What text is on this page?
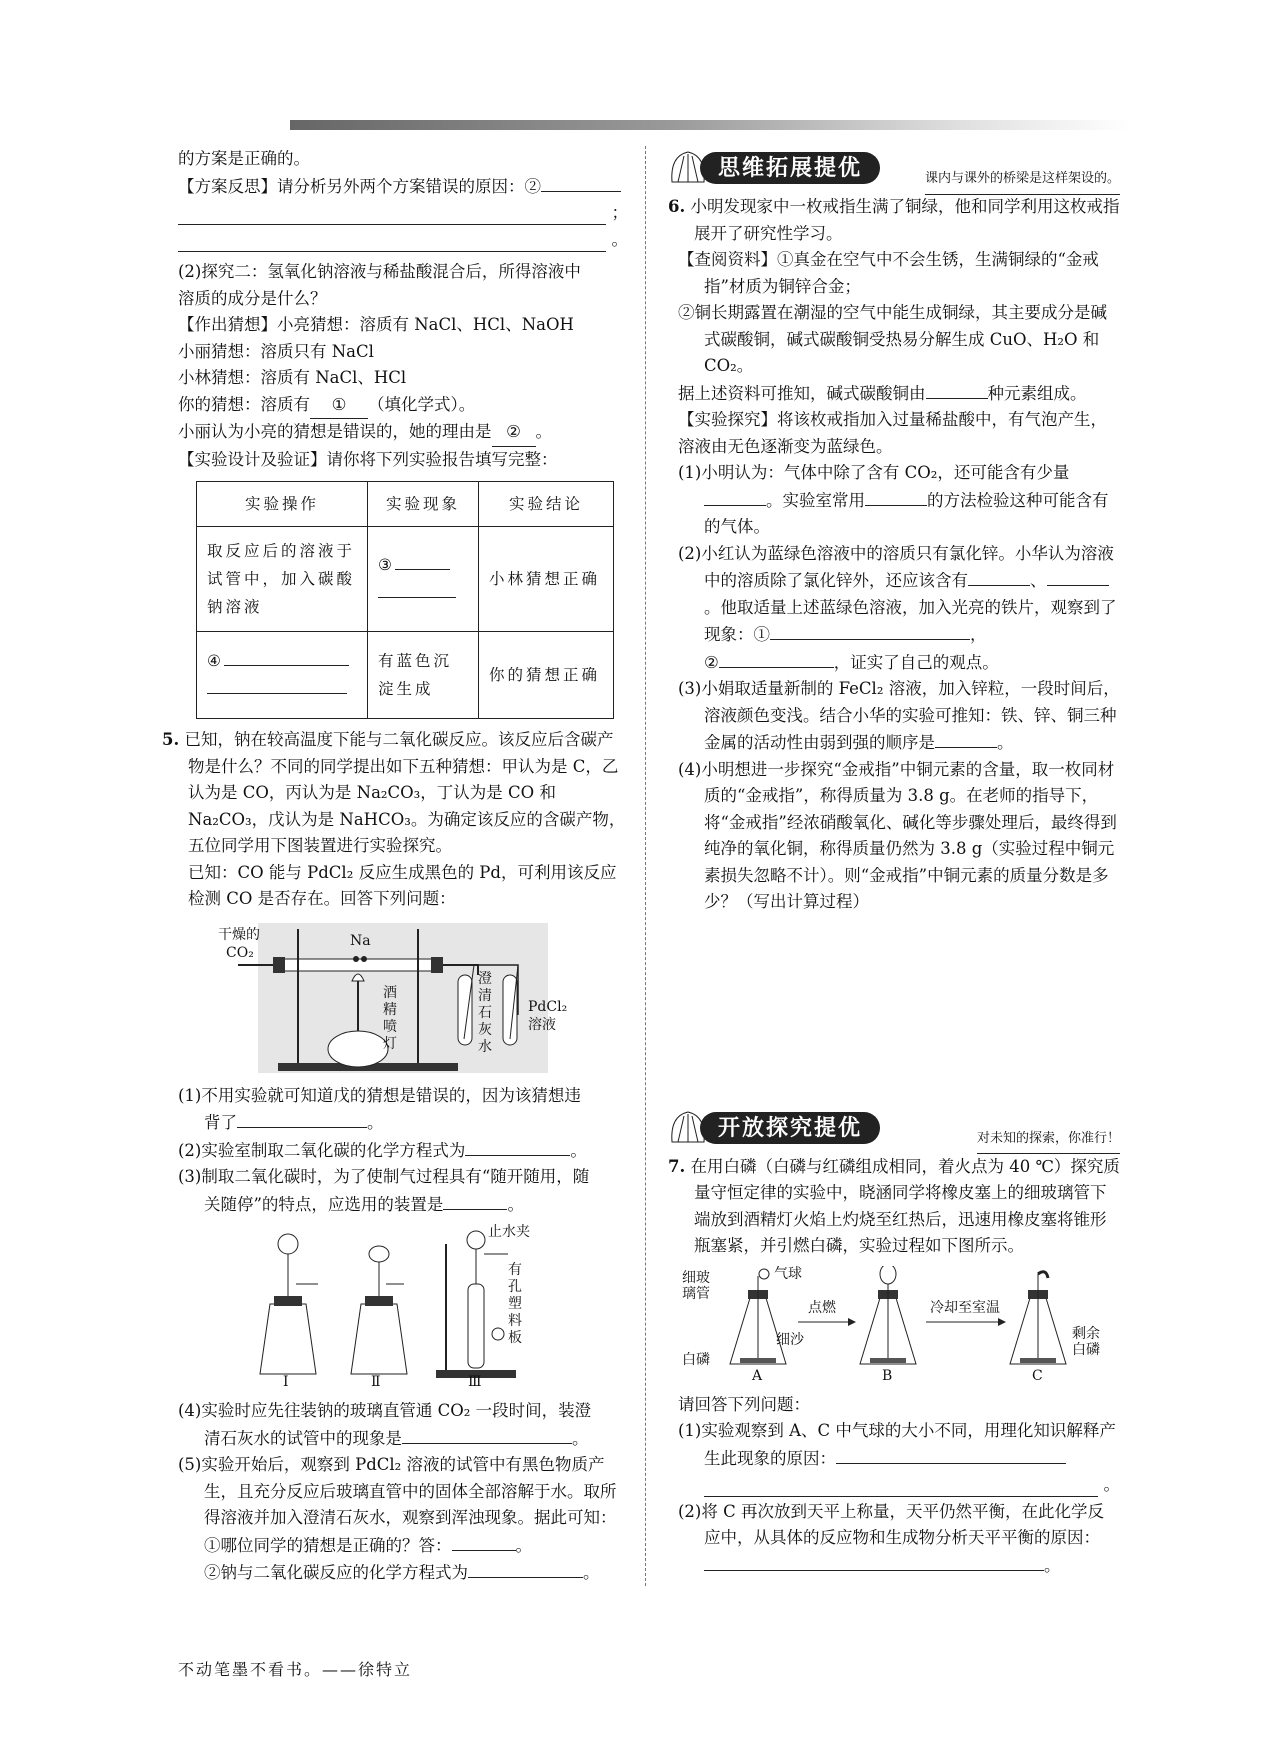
的方案是正确的。

【方案反思】请分析另外两个方案错误的原因：②

；

。

(2)探究二：氢氧化钠溶液与稀盐酸混合后，所得溶液中

溶质的成分是什么？

【作出猜想】小亮猜想：溶质有 NaCl、HCl、NaOH

小丽猜想：溶质只有 NaCl

小林猜想：溶质有 NaCl、HCl

你的猜想：溶质有 ① （填化学式）。

小丽认为小亮的猜想是错误的，她的理由是 ② 。

【实验设计及验证】请你将下列实验报告填写完整：

实验操作	实验现象	实验结论
取反应后的溶液于试管中，加入碳酸钠溶液	③	小林猜想正确
④	有蓝色沉淀生成	你的猜想正确

5. 已知，钠在较高温度下能与二氧化碳反应。该反应后含碳产物是什么？不同的同学提出如下五种猜想：甲认为是 C，乙认为是 CO，丙认为是 Na₂CO₃，丁认为是 CO 和 Na₂CO₃，戊认为是 NaHCO₃。为确定该反应的含碳产物，五位同学用下图装置进行实验探究。

已知：CO 能与 PdCl₂ 反应生成黑色的 Pd，可利用该反应检测 CO 是否存在。回答下列问题：

干燥的
CO₂
Na
酒精喷灯
澄清石灰水
PdCl₂
溶液

(1)不用实验就可知道戊的猜想是错误的，因为该猜想违

背了	。

(2)实验室制取二氧化碳的化学方程式为	。

(3)制取二氧化碳时，为了使制气过程具有“随开随用，随

关随停”的特点，应选用的装置是	。

止水夹
有孔塑料板
Ⅰ	Ⅱ	Ⅲ

(4)实验时应先往装钠的玻璃直管通 CO₂ 一段时间，装澄

清石灰水的试管中的现象是	。

(5)实验开始后，观察到 PdCl₂ 溶液的试管中有黑色物质产生，且充分反应后玻璃直管中的固体全部溶解于水。取所得溶液并加入澄清石灰水，观察到浑浊现象。据此可知：

①哪位同学的猜想是正确的？答：	。

②钠与二氧化碳反应的化学方程式为	。

思维拓展提优	课内与课外的桥梁是这样架设的。

6. 小明发现家中一枚戒指生满了铜绿，他和同学利用这枚戒指展开了研究性学习。

【查阅资料】①真金在空气中不会生锈，生满铜绿的“金戒指”材质为铜锌合金；

②铜长期露置在潮湿的空气中能生成铜绿，其主要成分是碱式碳酸铜，碱式碳酸铜受热易分解生成 CuO、H₂O 和 CO₂。

据上述资料可推知，碱式碳酸铜由	种元素组成。

【实验探究】将该枚戒指加入过量稀盐酸中，有气泡产生，溶液由无色逐渐变为蓝绿色。

(1)小明认为：气体中除了含有 CO₂，还可能含有少量

。实验室常用	的方法检验这种可能含有的气体。

(2)小红认为蓝绿色溶液中的溶质只有氯化锌。小华认为溶液中的溶质除了氯化锌外，还应该含有	、。他取适量上述蓝绿色溶液，加入光亮的铁片，观察到了现象：①	，

②	，证实了自己的观点。

(3)小娟取适量新制的 FeCl₂ 溶液，加入锌粒，一段时间后，溶液颜色变浅。结合小华的实验可推知：铁、锌、铜三种金属的活动性由弱到强的顺序是	。

(4)小明想进一步探究“金戒指”中铜元素的含量，取一枚同材质的“金戒指”，称得质量为 3.8 g。在老师的指导下，将“金戒指”经浓硝酸氧化、碱化等步骤处理后，最终得到纯净的氧化铜，称得质量仍然为 3.8 g（实验过程中铜元素损失忽略不计）。则“金戒指”中铜元素的质量分数是多少？（写出计算过程）

开放探究提优	对未知的探索，你准行！

7. 在用白磷（白磷与红磷组成相同，着火点为 40 ℃）探究质量守恒定律的实验中，晓涵同学将橡皮塞上的细玻璃管下端放到酒精灯火焰上灼烧至红热后，迅速用橡皮塞将锥形瓶塞紧，并引燃白磷，实验过程如下图所示。

细玻璃管
气球
点燃	冷却至室温
细沙
白磷
剩余
白磷
A	B	C

请回答下列问题：

(1)实验观察到 A、C 中气球的大小不同，用理化知识解释产生此现象的原因：

。

(2)将 C 再次放到天平上称量，天平仍然平衡，在此化学反应中，从具体的反应物和生成物分析天平平衡的原因：。

不动笔墨不看书。——徐特立
